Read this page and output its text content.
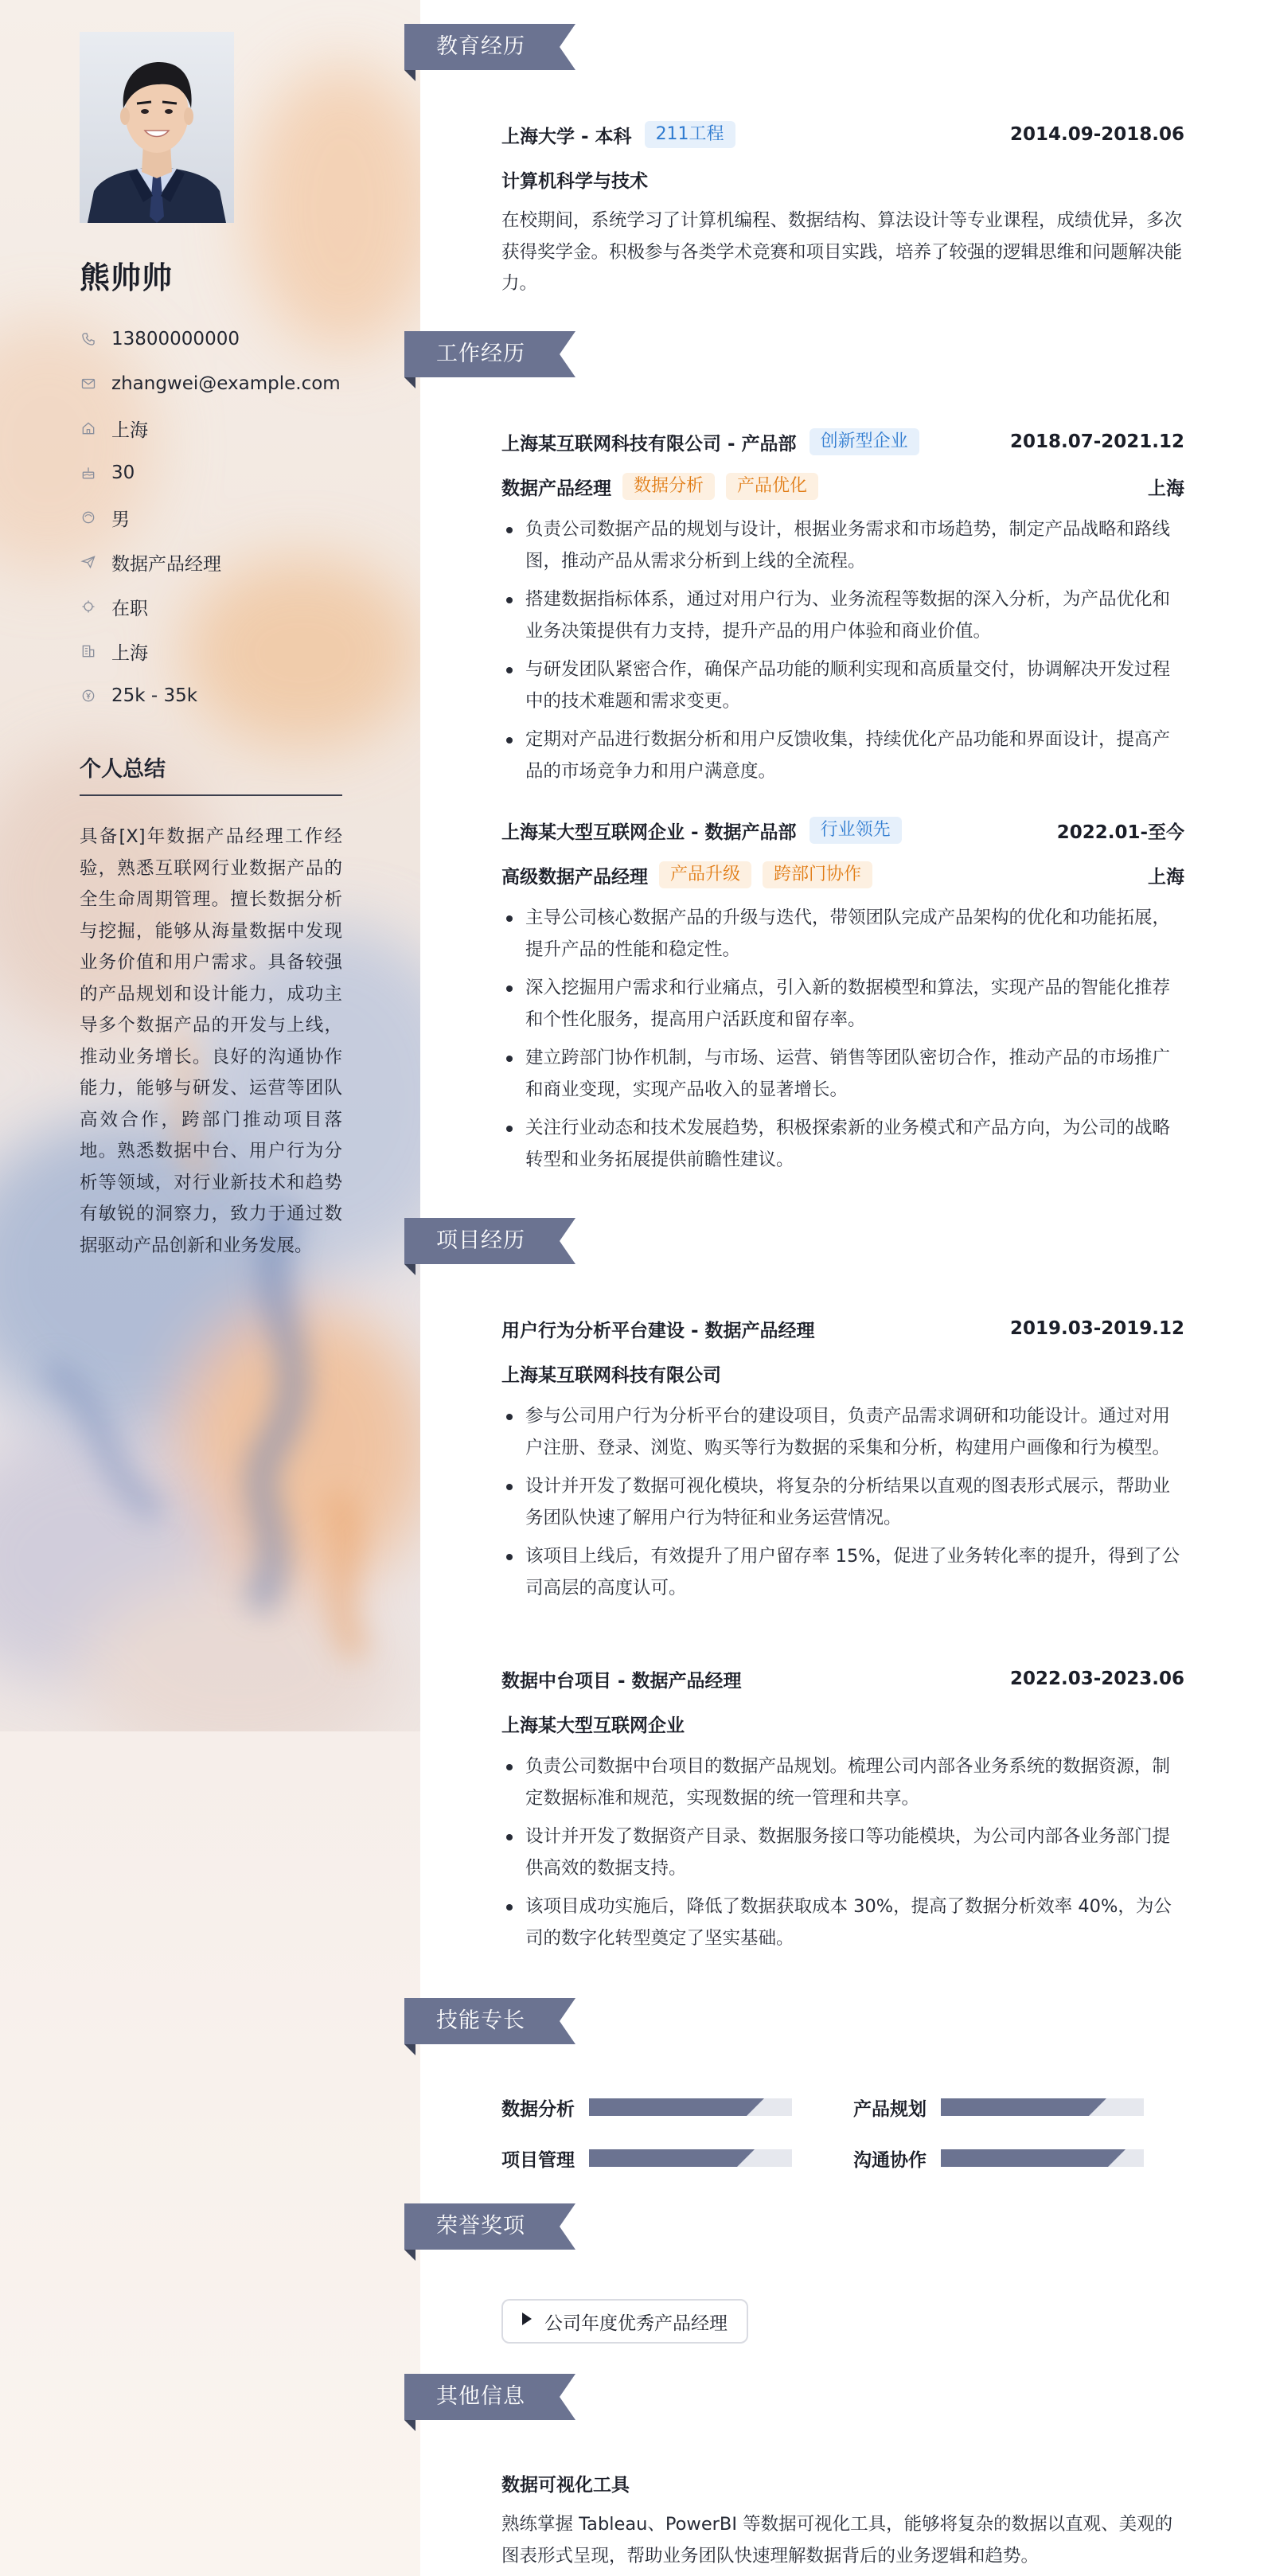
熊帅帅
13800000000
zhangwei@example.com
上海
30
男
数据产品经理
在职
上海
25k - 35k
个人总结
具备[X]年数据产品经理工作经验，熟悉互联网行业数据产品的全生命周期管理。擅长数据分析与挖掘，能够从海量数据中发现业务价值和用户需求。具备较强的产品规划和设计能力，成功主导多个数据产品的开发与上线，推动业务增长。良好的沟通协作能力，能够与研发、运营等团队高效合作，跨部门推动项目落地。熟悉数据中台、用户行为分析等领域，对行业新技术和趋势有敏锐的洞察力，致力于通过数据驱动产品创新和业务发展。
教育经历
上海大学 - 本科	211工程	2014.09-2018.06
计算机科学与技术
在校期间，系统学习了计算机编程、数据结构、算法设计等专业课程，成绩优异，多次获得奖学金。积极参与各类学术竞赛和项目实践，培养了较强的逻辑思维和问题解决能力。
工作经历
上海某互联网科技有限公司 - 产品部	创新型企业	2018.07-2021.12
数据产品经理	数据分析	产品优化	上海
负责公司数据产品的规划与设计，根据业务需求和市场趋势，制定产品战略和路线图，推动产品从需求分析到上线的全流程。
搭建数据指标体系，通过对用户行为、业务流程等数据的深入分析，为产品优化和业务决策提供有力支持，提升产品的用户体验和商业价值。
与研发团队紧密合作，确保产品功能的顺利实现和高质量交付，协调解决开发过程中的技术难题和需求变更。
定期对产品进行数据分析和用户反馈收集，持续优化产品功能和界面设计，提高产品的市场竞争力和用户满意度。
上海某大型互联网企业 - 数据产品部	行业领先	2022.01-至今
高级数据产品经理	产品升级	跨部门协作	上海
主导公司核心数据产品的升级与迭代，带领团队完成产品架构的优化和功能拓展，提升产品的性能和稳定性。
深入挖掘用户需求和行业痛点，引入新的数据模型和算法，实现产品的智能化推荐和个性化服务，提高用户活跃度和留存率。
建立跨部门协作机制，与市场、运营、销售等团队密切合作，推动产品的市场推广和商业变现，实现产品收入的显著增长。
关注行业动态和技术发展趋势，积极探索新的业务模式和产品方向，为公司的战略转型和业务拓展提供前瞻性建议。
项目经历
用户行为分析平台建设 - 数据产品经理	2019.03-2019.12
上海某互联网科技有限公司
参与公司用户行为分析平台的建设项目，负责产品需求调研和功能设计。通过对用户注册、登录、浏览、购买等行为数据的采集和分析，构建用户画像和行为模型。
设计并开发了数据可视化模块，将复杂的分析结果以直观的图表形式展示，帮助业务团队快速了解用户行为特征和业务运营情况。
该项目上线后，有效提升了用户留存率 15%，促进了业务转化率的提升，得到了公司高层的高度认可。
数据中台项目 - 数据产品经理	2022.03-2023.06
上海某大型互联网企业
负责公司数据中台项目的数据产品规划。梳理公司内部各业务系统的数据资源，制定数据标准和规范，实现数据的统一管理和共享。
设计并开发了数据资产目录、数据服务接口等功能模块，为公司内部各业务部门提供高效的数据支持。
该项目成功实施后，降低了数据获取成本 30%，提高了数据分析效率 40%，为公司的数字化转型奠定了坚实基础。
技能专长
数据分析	产品规划
项目管理	沟通协作
荣誉奖项
公司年度优秀产品经理
其他信息
数据可视化工具
熟练掌握 Tableau、PowerBI 等数据可视化工具，能够将复杂的数据以直观、美观的图表形式呈现，帮助业务团队快速理解数据背后的业务逻辑和趋势。
